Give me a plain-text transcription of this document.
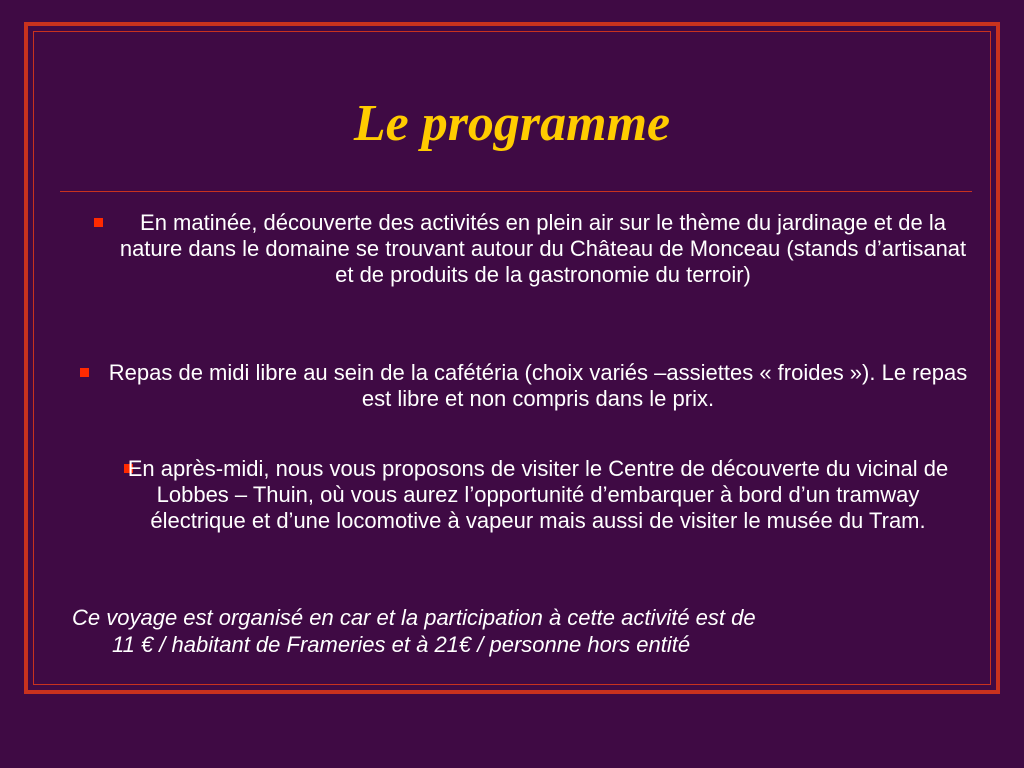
Le programme

En matinée, découverte des activités en plein air sur le thème du jardinage et de la nature dans le domaine se trouvant autour du Château de Monceau (stands d’artisanat et de produits de la gastronomie du terroir)

Repas de midi libre au sein de la cafétéria (choix variés –assiettes « froides »). Le repas est libre et non compris dans le prix.

En après-midi, nous vous proposons de visiter le Centre de découverte du vicinal de Lobbes – Thuin, où vous aurez l’opportunité d’embarquer à bord d’un tramway électrique et d’une locomotive à vapeur mais aussi de visiter le musée du Tram.

Ce voyage est organisé en car et la participation à cette activité est de
11 € / habitant de Frameries et à 21€ / personne hors entité
